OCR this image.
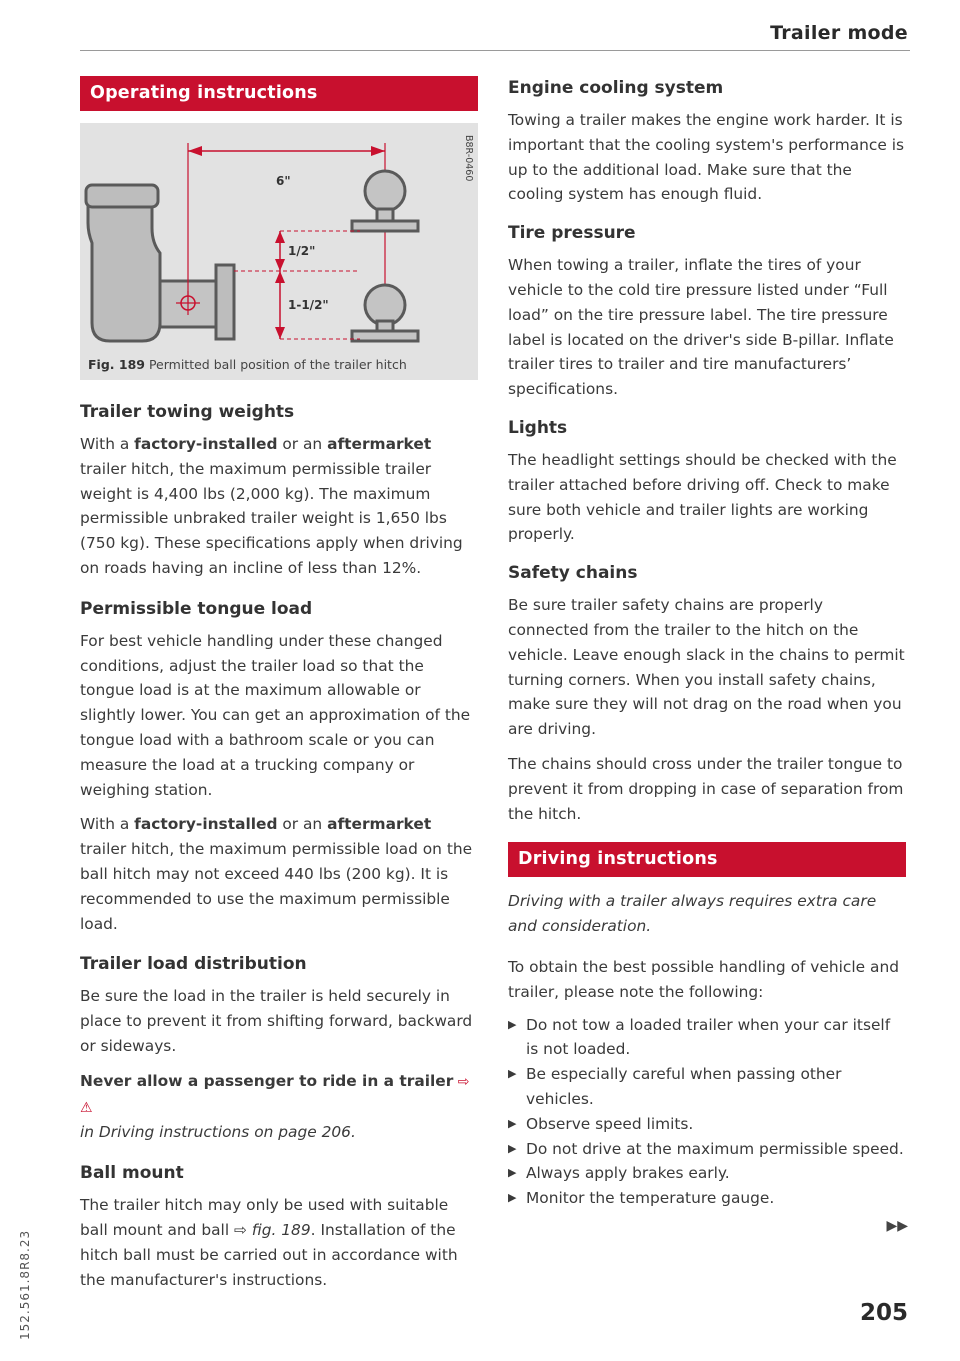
Trailer mode
152.561.8R8.23
Operating instructions
6"
1/2"
1-1/2"
B8R-0460
Fig. 189 Permitted ball position of the trailer hitch
Trailer towing weights

With a factory-installed or an aftermarket trailer hitch, the maximum permissible trailer weight is 4,400 lbs (2,000 kg). The maximum permissible unbraked trailer weight is 1,650 lbs (750 kg). These specifications apply when driving on roads having an incline of less than 12%.

Permissible tongue load

For best vehicle handling under these changed conditions, adjust the trailer load so that the tongue load is at the maximum allowable or slightly lower. You can get an approximation of the tongue load with a bathroom scale or you can measure the load at a trucking company or weighing station.

With a factory-installed or an aftermarket trailer hitch, the maximum permissible load on the ball hitch may not exceed 440 lbs (200 kg). It is recommended to use the maximum permissible load.

Trailer load distribution

Be sure the load in the trailer is held securely in place to prevent it from shifting forward, backward or sideways.

Never allow a passenger to ride in a trailer ⇨ ⚠
in Driving instructions on page 206.

Ball mount

The trailer hitch may only be used with suitable ball mount and ball ⇨ fig. 189. Installation of the hitch ball must be carried out in accordance with the manufacturer's instructions.

Engine cooling system

Towing a trailer makes the engine work harder. It is important that the cooling system's performance is up to the additional load. Make sure that the cooling system has enough fluid.

Tire pressure

When towing a trailer, inflate the tires of your vehicle to the cold tire pressure listed under “Full load” on the tire pressure label. The tire pressure label is located on the driver's side B-pillar. Inflate trailer tires to trailer and tire manufacturers’ specifications.

Lights

The headlight settings should be checked with the trailer attached before driving off. Check to make sure both vehicle and trailer lights are working properly.

Safety chains

Be sure trailer safety chains are properly connected from the trailer to the hitch on the vehicle. Leave enough slack in the chains to permit turning corners. When you install safety chains, make sure they will not drag on the road when you are driving.

The chains should cross under the trailer tongue to prevent it from dropping in case of separation from the hitch.

Driving instructions

Driving with a trailer always requires extra care and consideration.

To obtain the best possible handling of vehicle and trailer, please note the following:

▶ Do not tow a loaded trailer when your car itself is not loaded.
▶ Be especially careful when passing other vehicles.
▶ Observe speed limits.
▶ Do not drive at the maximum permissible speed.
▶ Always apply brakes early.
▶ Monitor the temperature gauge.
▶▶
205
